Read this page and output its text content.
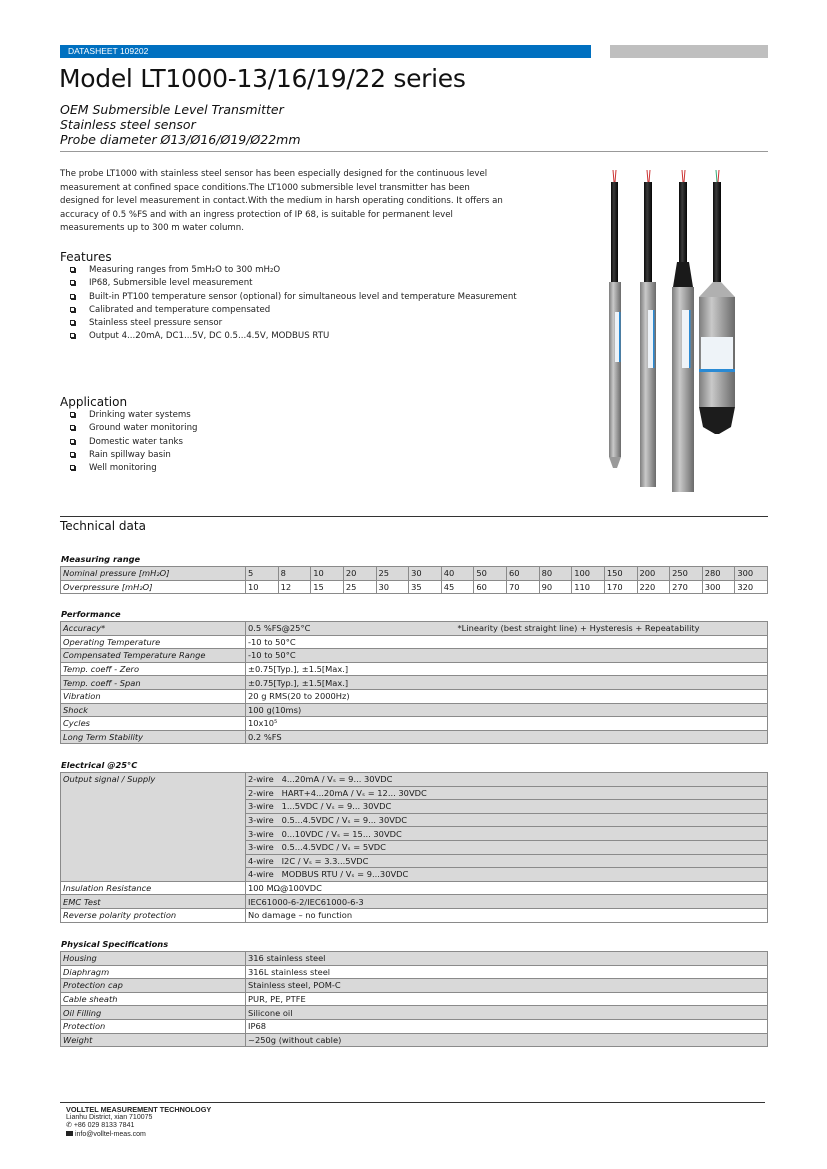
DATASHEET 109202
Model LT1000-13/16/19/22 series
OEM Submersible Level Transmitter
Stainless steel sensor
Probe diameter Ø13/Ø16/Ø19/Ø22mm
The probe LT1000 with stainless steel sensor has been especially designed for the continuous level measurement at confined space conditions.The LT1000 submersible level transmitter has been designed for level measurement in contact.With the medium in harsh operating conditions. It offers an accuracy of 0.5 %FS and with an ingress protection of IP 68, is suitable for permanent level measurements up to 300 m water column.
Features
Measuring ranges from 5mH₂O to 300 mH₂O
IP68, Submersible level measurement
Built-in PT100 temperature sensor (optional) for simultaneous level and temperature Measurement
Calibrated and temperature compensated
Stainless steel pressure sensor
Output 4...20mA, DC1...5V, DC 0.5...4.5V, MODBUS RTU
Application
Drinking water systems
Ground water monitoring
Domestic water tanks
Rain spillway basin
Well monitoring
Technical data
Measuring range
Nominal pressure [mH₂O]	5	8	10	20	25	30	40	50	60	80	100	150	200	250	280	300
Overpressure [mH₂O]	10	12	15	25	30	35	45	60	70	90	110	170	220	270	300	320
Performance
Accuracy*	0.5 %FS@25°C	*Linearity (best straight line) + Hysteresis + Repeatability
Operating Temperature	-10 to 50°C	
Compensated Temperature Range	-10 to 50°C	
Temp. coeff - Zero	±0.75[Typ.], ±1.5[Max.]	
Temp. coeff - Span	±0.75[Typ.], ±1.5[Max.]	
Vibration	20 g RMS(20 to 2000Hz)	
Shock	100 g(10ms)	
Cycles	10x10⁵	
Long Term Stability	0.2 %FS	
Electrical @25°C
Output signal / Supply	2-wire   4...20mA / Vₛ = 9... 30VDC
	2-wire   HART+4...20mA / Vₛ = 12... 30VDC
	3-wire   1...5VDC / Vₛ = 9... 30VDC
	3-wire   0.5...4.5VDC / Vₛ = 9... 30VDC
	3-wire   0...10VDC / Vₛ = 15... 30VDC
	3-wire   0.5...4.5VDC / Vₛ = 5VDC
	4-wire   I2C / Vₛ = 3.3...5VDC
	4-wire   MODBUS RTU / Vₛ = 9...30VDC
Insulation Resistance	100 MΩ@100VDC
EMC Test	IEC61000-6-2/IEC61000-6-3
Reverse polarity protection	No damage – no function
Physical Specifications
Housing	316 stainless steel
Diaphragm	316L stainless steel
Protection cap	Stainless steel, POM-C
Cable sheath	PUR, PE, PTFE
Oil Filling	Silicone oil
Protection	IP68
Weight	~250g (without cable)
VOLLTEL MEASUREMENT TECHNOLOGY
Lianhu District, xian 710075
✆ +86 029 8133 7841
info@volltel-meas.com
